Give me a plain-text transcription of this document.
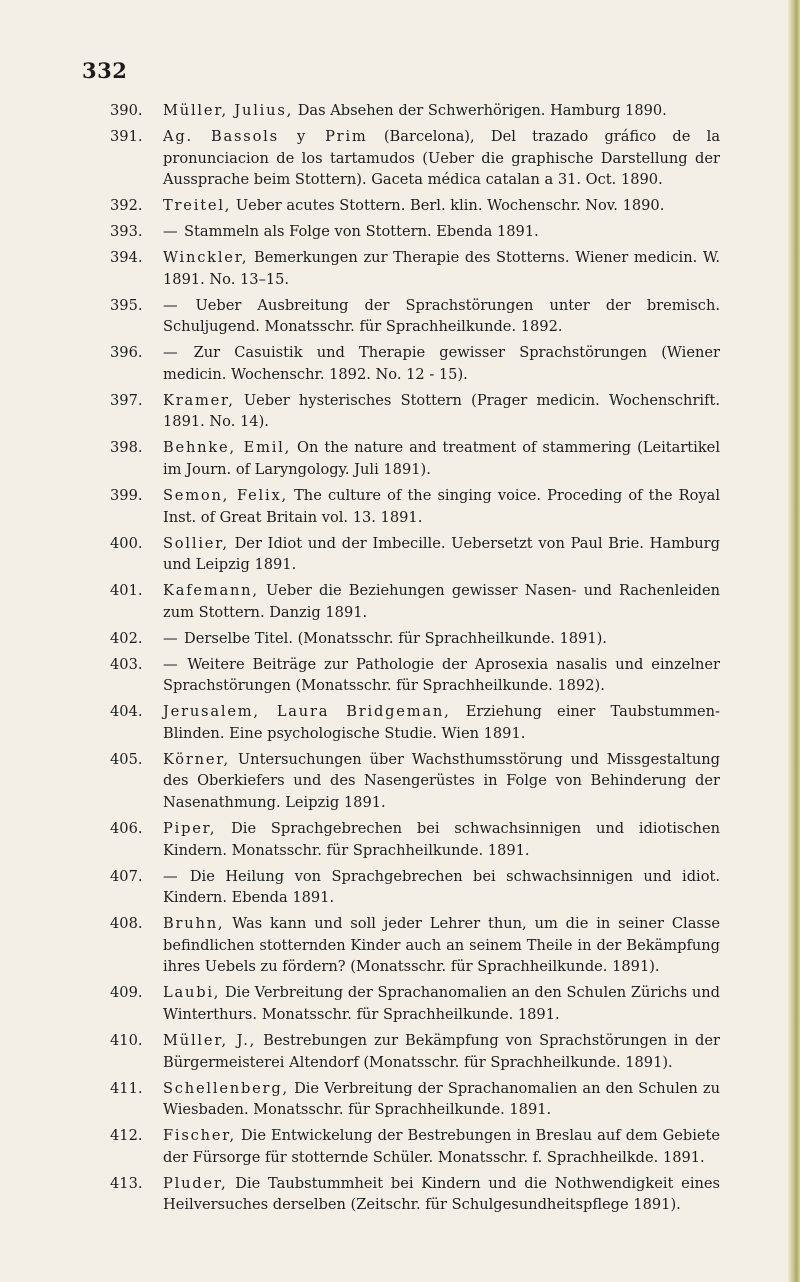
332
390.	Müller, Julius, Das Absehen der Schwerhörigen. Hamburg 1890.
391.	Ag. Bassols y Prim (Barcelona), Del trazado gráfico de la pronunciacion de los tartamudos (Ueber die graphische Darstellung der Aussprache beim Stottern). Gaceta médica catalan a 31. Oct. 1890.
392.	Treitel, Ueber acutes Stottern. Berl. klin. Wochenschr. Nov. 1890.
393.	— Stammeln als Folge von Stottern. Ebenda 1891.
394.	Winckler, Bemerkungen zur Therapie des Stotterns. Wiener medicin. W. 1891. No. 13–15.
395.	— Ueber Ausbreitung der Sprachstörungen unter der bremisch. Schuljugend. Monatsschr. für Sprachheilkunde. 1892.
396.	— Zur Casuistik und Therapie gewisser Sprachstörungen (Wiener medicin. Wochenschr. 1892. No. 12 - 15).
397.	Kramer, Ueber hysterisches Stottern (Prager medicin. Wochenschrift. 1891. No. 14).
398.	Behnke, Emil, On the nature and treatment of stammering (Leitartikel im Journ. of Laryngology. Juli 1891).
399.	Semon, Felix, The culture of the singing voice. Proceding of the Royal Inst. of Great Britain vol. 13. 1891.
400.	Sollier, Der Idiot und der Imbecille. Uebersetzt von Paul Brie. Hamburg und Leipzig 1891.
401.	Kafemann, Ueber die Beziehungen gewisser Nasen- und Rachenleiden zum Stottern. Danzig 1891.
402.	— Derselbe Titel. (Monatsschr. für Sprachheilkunde. 1891).
403.	— Weitere Beiträge zur Pathologie der Aprosexia nasalis und einzelner Sprachstörungen (Monatsschr. für Sprachheilkunde. 1892).
404.	Jerusalem, Laura Bridgeman, Erziehung einer Taubstummen-Blinden. Eine psychologische Studie. Wien 1891.
405.	Körner, Untersuchungen über Wachsthumsstörung und Missgestaltung des Oberkiefers und des Nasengerüstes in Folge von Behinderung der Nasenathmung. Leipzig 1891.
406.	Piper, Die Sprachgebrechen bei schwachsinnigen und idiotischen Kindern. Monatsschr. für Sprachheilkunde. 1891.
407.	— Die Heilung von Sprachgebrechen bei schwachsinnigen und idiot. Kindern. Ebenda 1891.
408.	Bruhn, Was kann und soll jeder Lehrer thun, um die in seiner Classe befindlichen stotternden Kinder auch an seinem Theile in der Bekämpfung ihres Uebels zu fördern? (Monatsschr. für Sprachheilkunde. 1891).
409.	Laubi, Die Verbreitung der Sprachanomalien an den Schulen Zürichs und Winterthurs. Monatsschr. für Sprachheilkunde. 1891.
410.	Müller, J., Bestrebungen zur Bekämpfung von Sprachstörungen in der Bürgermeisterei Altendorf (Monatsschr. für Sprachheilkunde. 1891).
411.	Schellenberg, Die Verbreitung der Sprachanomalien an den Schulen zu Wiesbaden. Monatsschr. für Sprachheilkunde. 1891.
412.	Fischer, Die Entwickelung der Bestrebungen in Breslau auf dem Gebiete der Fürsorge für stotternde Schüler. Monatsschr. f. Sprachheilkde. 1891.
413.	Pluder, Die Taubstummheit bei Kindern und die Nothwendigkeit eines Heilversuches derselben (Zeitschr. für Schulgesundheitspflege 1891).
